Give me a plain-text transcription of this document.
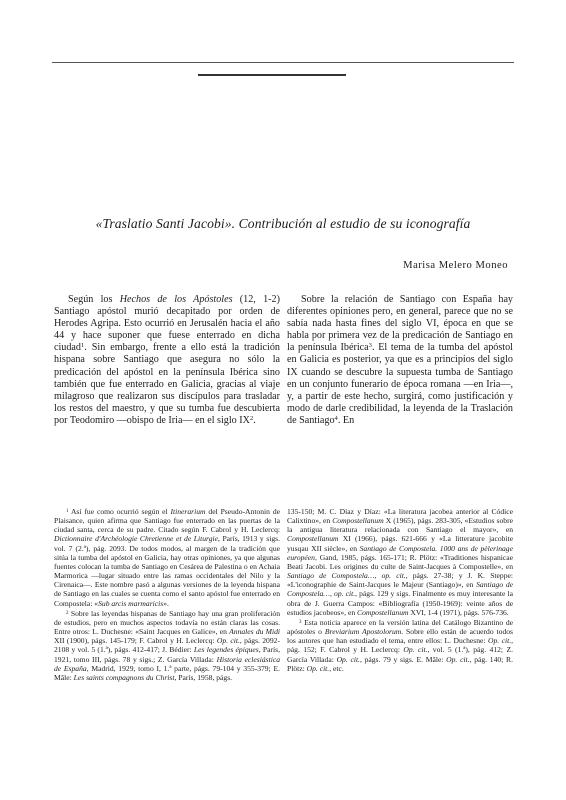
«Traslatio Santi Jacobi». Contribución al estudio de su iconografía
Marisa Melero Moneo

Según los Hechos de los Apóstoles (12, 1-2) Santiago apóstol murió decapitado por orden de Herodes Agripa. Esto ocurrió en Jerusalén hacia el año 44 y hace suponer que fuese enterrado en dicha ciudad$^1$. Sin embargo, frente a ello está la tradición hispana sobre Santiago que asegura no sólo la predicación del apóstol en la península Ibérica sino también que fue enterrado en Galicia, gracias al viaje milagroso que realizaron sus discípulos para trasladar los restos del maestro, y que su tumba fue descubierta por Teodomiro —obispo de Iria— en el siglo $IX^2$.

Sobre la relación de Santiago con España hay diferentes opiniones pero, en general, parece que no se sabía nada hasta fines del siglo VI, época en que se habla por primera vez de la predicación de Santiago en la península Ibérica$^3$. El tema de la tumba del apóstol en Galicia es posterior, ya que es a principios del siglo IX cuando se descubre la supuesta tumba de Santiago en un conjunto funerario de época romana —en Iria—, y, a partir de este hecho, surgirá, como justificación y modo de darle credibilidad, la leyenda de la Traslación de Santiago$^4$. En

$^1$ Así fue como ocurrió según el Itinerarium del Pseudo-Antonin de Plaisance, quien afirma que Santiago fue enterrado en las puertas de la ciudad santa, cerca de su padre. Citado según F. Cabrol y H. Leclercq: Dictionnaire d'Archéologie Chretienne et de Liturgie, París, 1913 y sigs. vol. 7 (2.ª), pág. 2093. De todos modos, al margen de la tradición que sitúa la tumba del apóstol en Galicia, hay otras opiniones, ya que algunas fuentes colocan la tumba de Santiago en Cesárea de Palestina o en Achaia Marmorica —lugar situado entre las ramas occidentales del Nilo y la Cirenaica—. Este nombre pasó a algunas versiones de la leyenda hispana de Santiago en las cuales se cuenta como el santo apóstol fue enterrado en Compostela: «Sub arcis marmaricis».

$^2$ Sobre las leyendas hispanas de Santiago hay una gran proliferación de estudios, pero en muchos aspectos todavía no están claras las cosas. Entre otros: L. Duchesne: «Saint Jacques en Galice», en Annales du Midi XII (1900), págs. 145-179; F. Cabrol y H. Leclercq: Op. cit., págs. 2092-2108 y vol. 5 (1.ª), págs. 412-417; J. Bédier: Les legendes épiques, París, 1921, tomo III, págs. 78 y sigs.; Z. García Villada: Historia eclesiástica de España, Madrid, 1929, tomo I, 1.ª parte, págs. 79-104 y 355-379; E. Mâle: Les saints compagnons du Christ, París, 1958, págs.

135-150; M. C. Díaz y Díaz: «La literatura jacobea anterior al Códice Calixtino», en Compostellanum X (1965), págs. 283-305, «Estudios sobre la antigua literatura relacionada con Santiago el mayor», en Compostellanum XI (1966), págs. 621-666 y «La litterature jacobite yusqau XII siècle», en Santiago de Compostela. 1000 ans de pèlerinage européen, Gand, 1985, págs. 165-171; R. Plötz: «Traditiones hispanicae Beati Jacobi. Les origines du culte de Saint-Jacques à Compostelle», en Santiago de Compostela…, op. cit., págs. 27-38; y J. K. Steppe: «L'iconographie de Saint-Jacques le Majeur (Santiago)», en Santiago de Compostela…, op. cit., págs. 129 y sigs. Finalmente es muy interesante la obra de J. Guerra Campos: «Bibliografía (1950-1969): veinte años de estudios jacobeos», en Compostellanum XVI, 1-4 (1971), págs. 576-736.

$^3$ Esta noticia aparece en la versión latina del Catálogo Bizantino de apóstoles o Breviarium Apostolorum. Sobre ello están de acuerdo todos los autores que han estudiado el tema, entre ellos: L. Duchesne: Op. cit., pág. 152; F. Cabrol y H. Leclercq: Op. cit., vol. 5 (1.ª), pág. 412; Z. García Villada: Op. cit., págs. 79 y sigs. E. Mâle: Op. cit., pág. 140; R. Plötz: Op. cit., etc.
